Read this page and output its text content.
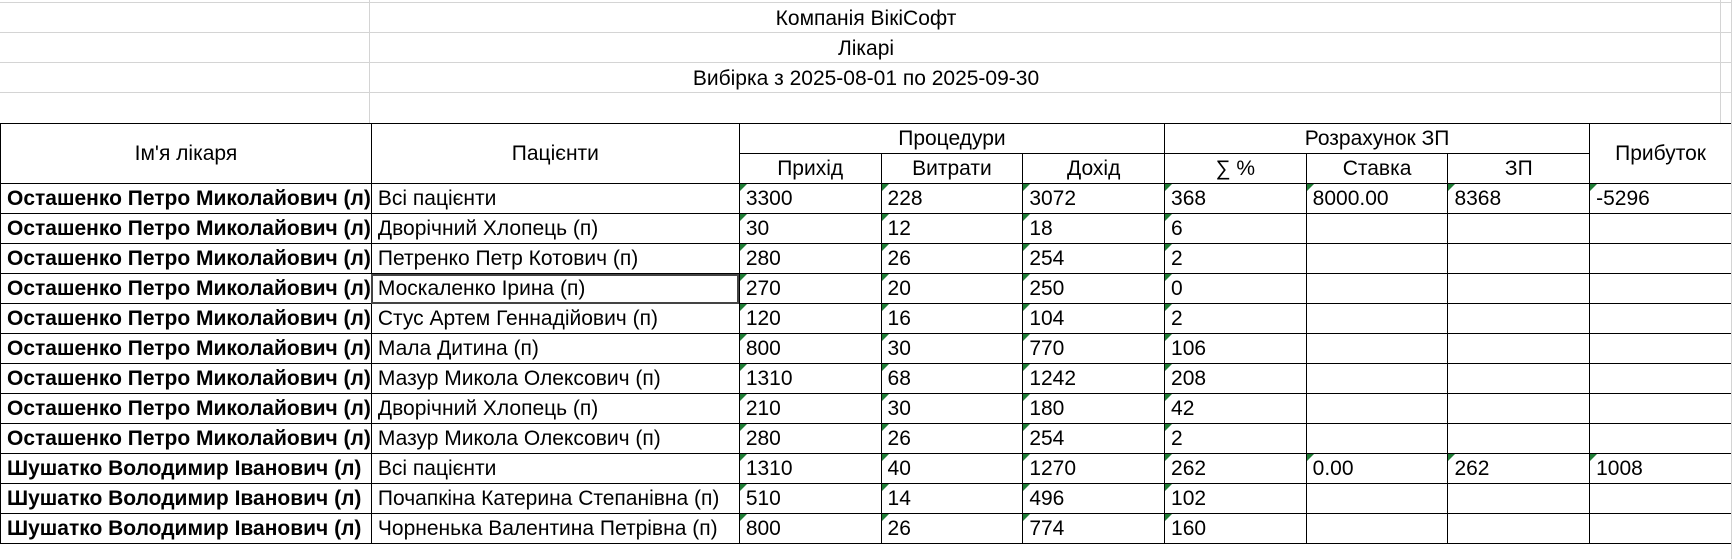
Компанія ВікіСофт
Лікарі
Вибірка з 2025-08-01 по 2025-09-30
Ім'я лікаря	Пацієнти	Процедури			Розрахунок ЗП			Прибуток
		Прихід	Витрати	Дохід	∑ %	Ставка	ЗП	
Осташенко Петро Миколайович (л)	Всі пацієнти	3300	228	3072	368	8000.00	8368	-5296
Осташенко Петро Миколайович (л)	Дворічний Хлопець (п)	30	12	18	6			
Осташенко Петро Миколайович (л)	Петренко Петр Котович (п)	280	26	254	2			
Осташенко Петро Миколайович (л)	Москаленко Ірина (п)	270	20	250	0			
Осташенко Петро Миколайович (л)	Стус Артем Геннадійович (п)	120	16	104	2			
Осташенко Петро Миколайович (л)	Мала Дитина (п)	800	30	770	106			
Осташенко Петро Миколайович (л)	Мазур Микола Олексович (п)	1310	68	1242	208			
Осташенко Петро Миколайович (л)	Дворічний Хлопець (п)	210	30	180	42			
Осташенко Петро Миколайович (л)	Мазур Микола Олексович (п)	280	26	254	2			
Шушатко Володимир Іванович (л)	Всі пацієнти	1310	40	1270	262	0.00	262	1008
Шушатко Володимир Іванович (л)	Почапкіна Катерина Степанівна (п)	510	14	496	102			
Шушатко Володимир Іванович (л)	Чорненька Валентина Петрівна (п)	800	26	774	160			
